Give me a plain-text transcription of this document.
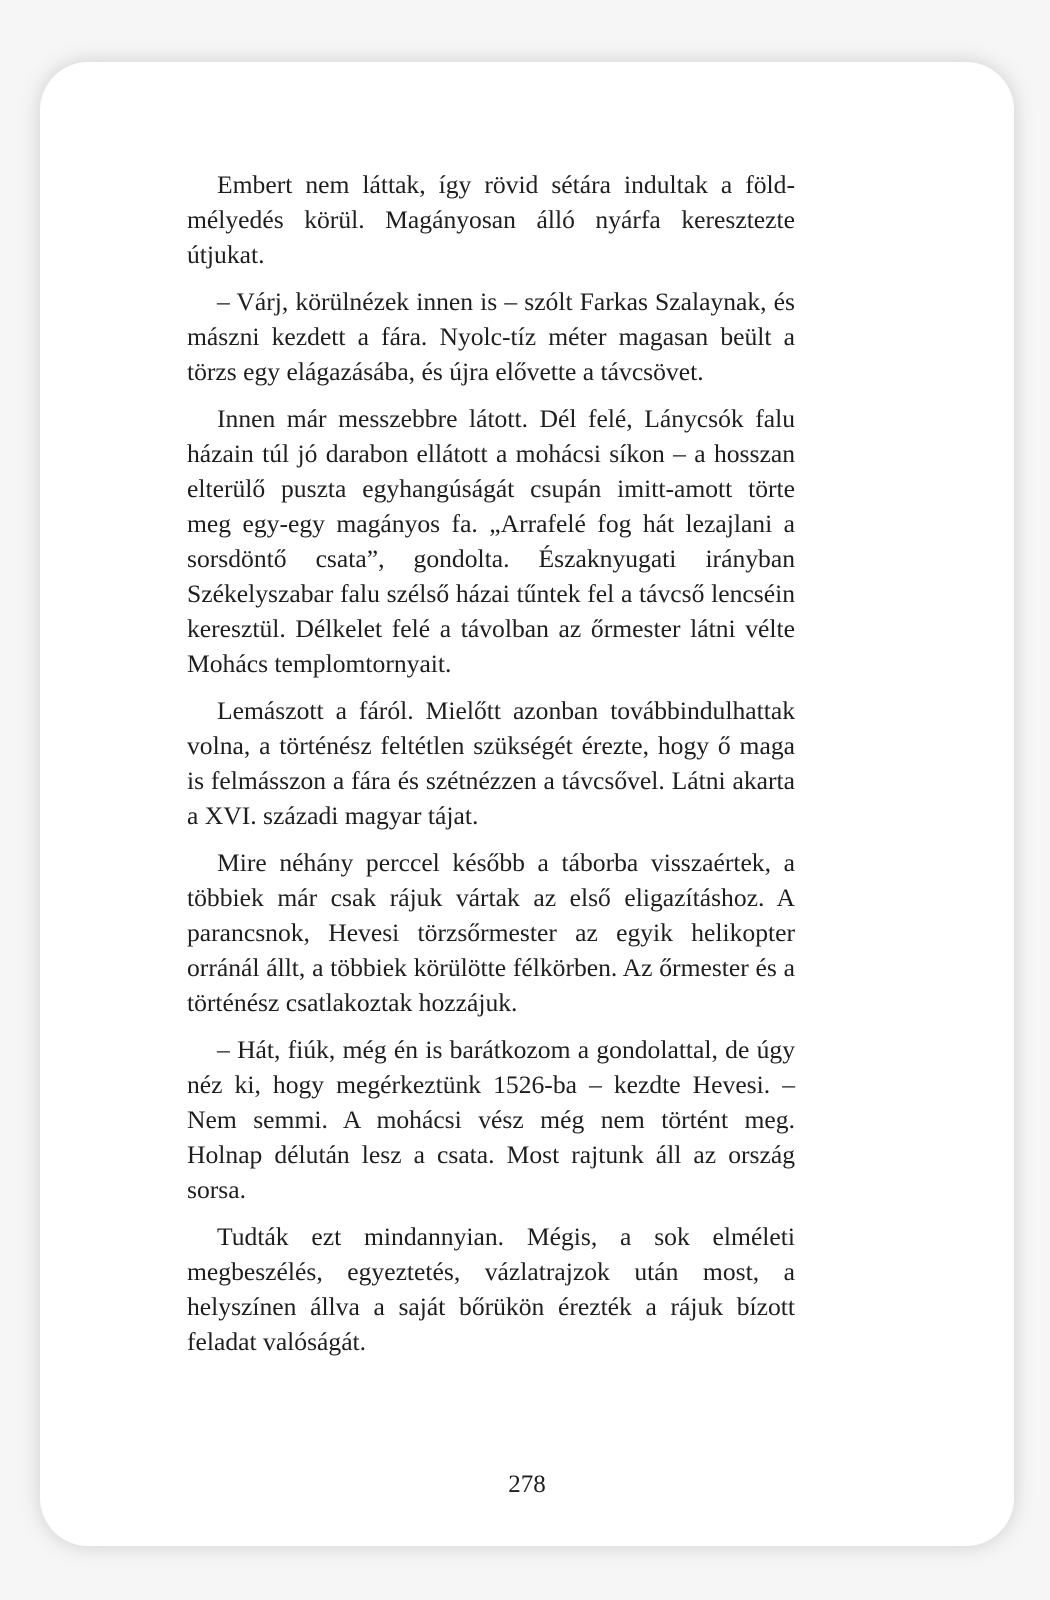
Embert nem láttak, így rövid sétára indultak a földmélyedés körül. Magányosan álló nyárfa keresztezte útjukat.

– Várj, körülnézek innen is – szólt Farkas Szalaynak, és mászni kezdett a fára. Nyolc-tíz méter magasan beült a törzs egy elágazásába, és újra elővette a távcsövet.

Innen már messzebbre látott. Dél felé, Lánycsók falu házain túl jó darabon ellátott a mohácsi síkon – a hosszan elterülő puszta egyhangúságát csupán imitt-amott törte meg egy-egy magányos fa. „Arrafelé fog hát lezajlani a sorsdöntő csata”, gondolta. Északnyugati irányban Székelyszabar falu szélső házai tűntek fel a távcső lencséin keresztül. Délkelet felé a távolban az őrmester látni vélte Mohács templomtornyait.

Lemászott a fáról. Mielőtt azonban továbbindulhattak volna, a történész feltétlen szükségét érezte, hogy ő maga is felmásszon a fára és szétnézzen a távcsővel. Látni akarta a XVI. századi magyar tájat.

Mire néhány perccel később a táborba visszaértek, a többiek már csak rájuk vártak az első eligazításhoz. A parancsnok, Hevesi törzsőrmester az egyik helikopter orránál állt, a többiek körülötte félkörben. Az őrmester és a történész csatlakoztak hozzájuk.

– Hát, fiúk, még én is barátkozom a gondolattal, de úgy néz ki, hogy megérkeztünk 1526-ba – kezdte Hevesi. – Nem semmi. A mohácsi vész még nem történt meg. Holnap délután lesz a csata. Most rajtunk áll az ország sorsa.

Tudták ezt mindannyian. Mégis, a sok elméleti megbeszélés, egyeztetés, vázlatrajzok után most, a helyszínen állva a saját bőrükön érezték a rájuk bízott feladat valóságát.

278
